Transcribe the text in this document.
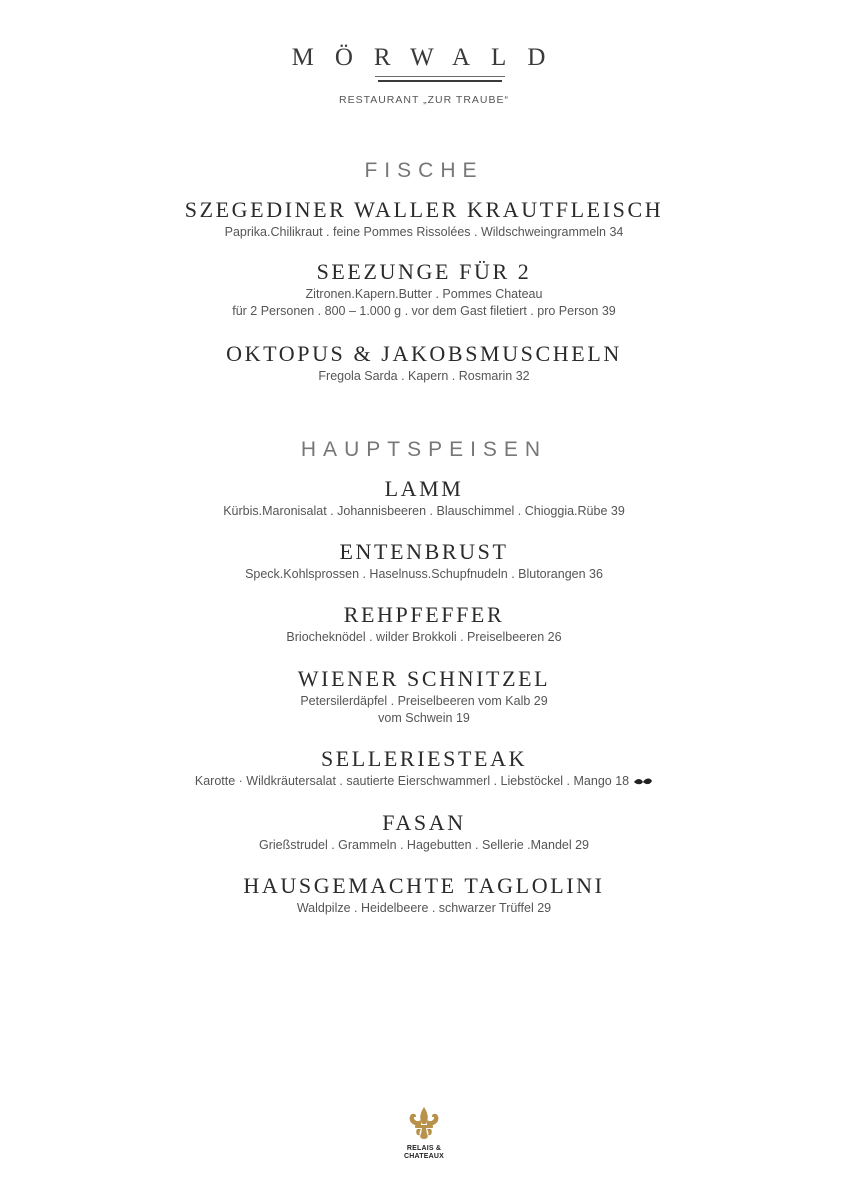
MÖRWALD
RESTAURANT „ZUR TRAUBE“
FISCHE
SZEGEDINER WALLER KRAUTFLEISCH
Paprika.Chilikraut . feine Pommes Rissolées . Wildschweingrammeln 34
SEEZUNGE FÜR 2
Zitronen.Kapern.Butter . Pommes Chateau
für 2 Personen . 800 – 1.000 g . vor dem Gast filetiert . pro Person 39
OKTOPUS & JAKOBSMUSCHELN
Fregola Sarda . Kapern . Rosmarin 32
HAUPTSPEISEN
LAMM
Kürbis.Maronisalat . Johannisbeeren . Blauschimmel . Chioggia.Rübe 39
ENTENBRUST
Speck.Kohlsprossen . Haselnuss.Schupfnudeln . Blutorangen 36
REHPFEFFER
Briocheknödel . wilder Brokkoli . Preiselbeeren 26
WIENER SCHNITZEL
Petersilerdäpfel . Preiselbeeren vom Kalb 29
vom Schwein 19
SELLERIESTEAK
Karotte · Wildkräutersalat . sautierte Eierschwammerl . Liebstöckel . Mango 18
FASAN
Grießstrudel . Grammeln . Hagebutten . Sellerie .Mandel 29
HAUSGEMACHTE TAGLOLINI
Waldpilze . Heidelbeere . schwarzer Trüffel 29
RELAIS &
CHATEAUX
